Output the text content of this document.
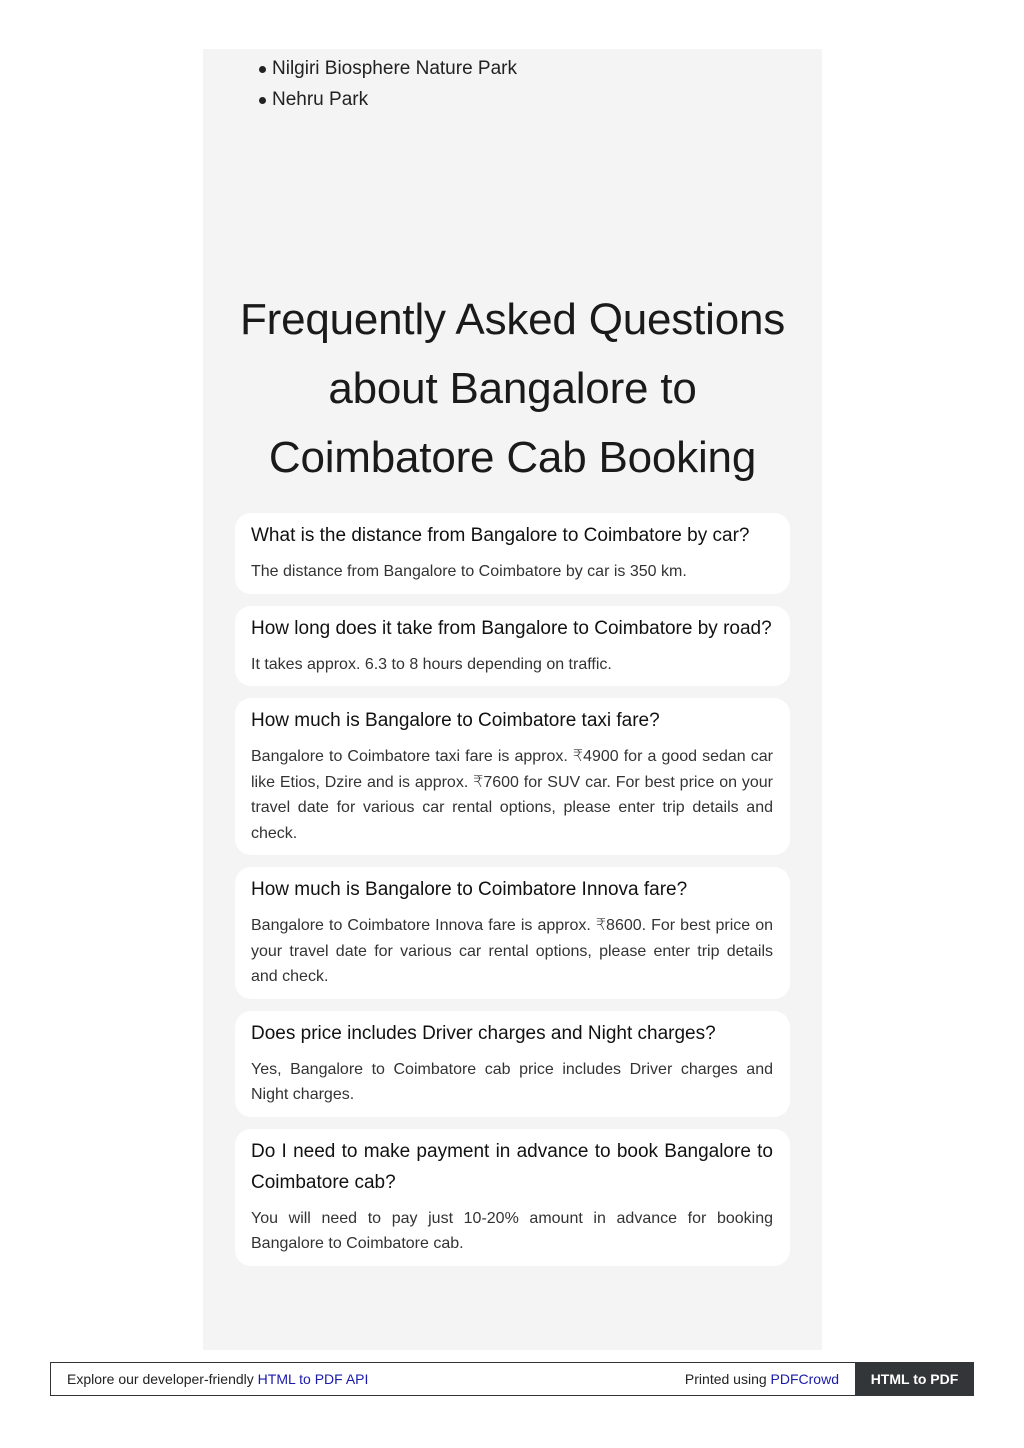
Nilgiri Biosphere Nature Park
Nehru Park
Frequently Asked Questions about Bangalore to Coimbatore Cab Booking

What is the distance from Bangalore to Coimbatore by car?

The distance from Bangalore to Coimbatore by car is 350 km.

How long does it take from Bangalore to Coimbatore by road?

It takes approx. 6.3 to 8 hours depending on traffic.

How much is Bangalore to Coimbatore taxi fare?

Bangalore to Coimbatore taxi fare is approx. ₹4900 for a good sedan car like Etios, Dzire and is approx. ₹7600 for SUV car. For best price on your travel date for various car rental options, please enter trip details and check.

How much is Bangalore to Coimbatore Innova fare?

Bangalore to Coimbatore Innova fare is approx. ₹8600. For best price on your travel date for various car rental options, please enter trip details and check.

Does price includes Driver charges and Night charges?

Yes, Bangalore to Coimbatore cab price includes Driver charges and Night charges.

Do I need to make payment in advance to book Bangalore to Coimbatore cab?

You will need to pay just 10-20% amount in advance for booking Bangalore to Coimbatore cab.

Explore our developer-friendly HTML to PDF API	Printed using PDFCrowd	HTML to PDF
